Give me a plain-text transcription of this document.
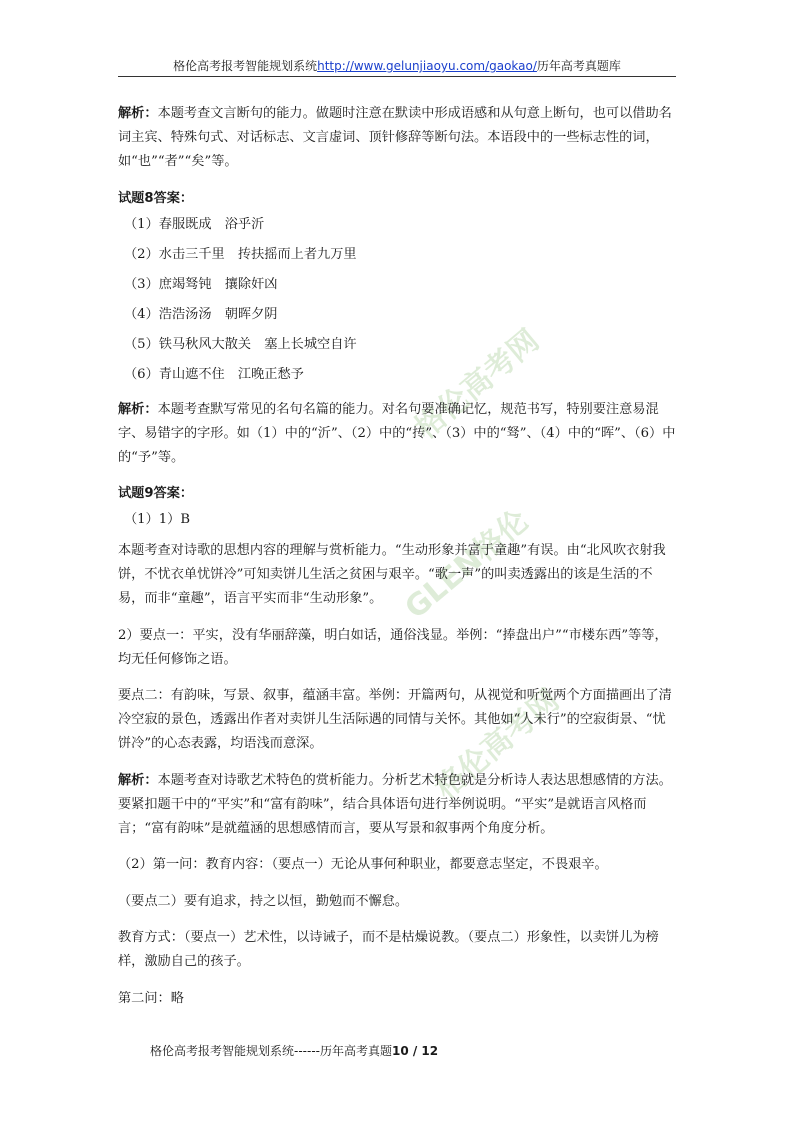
格伦高考报考智能规划系统http://www.gelunjiaoyu.com/gaokao/历年高考真题库
格伦高考网
GLEN格伦
格伦高考网

解析：本题考查文言断句的能力。做题时注意在默读中形成语感和从句意上断句，也可以借助名词主宾、特殊句式、对话标志、文言虚词、顶针修辞等断句法。本语段中的一些标志性的词，如“也”“者”“矣”等。

试题8答案：
（1）春服既成　浴乎沂
（2）水击三千里　抟扶摇而上者九万里
（3）庶竭驽钝　攘除奸凶
（4）浩浩汤汤　朝晖夕阴
（5）铁马秋风大散关　塞上长城空自许
（6）青山遮不住　江晚正愁予

解析：本题考查默写常见的名句名篇的能力。对名句要准确记忆，规范书写，特别要注意易混字、易错字的字形。如（1）中的“沂”、（2）中的“抟”、（3）中的“驽”、（4）中的“晖”、（6）中的“予”等。

试题9答案：

（1）1）B

本题考查对诗歌的思想内容的理解与赏析能力。“生动形象并富于童趣”有误。由“北风吹衣射我饼，不忧衣单忧饼冷”可知卖饼儿生活之贫困与艰辛。“歌一声”的叫卖透露出的该是生活的不易，而非“童趣”，语言平实而非“生动形象”。

2）要点一：平实，没有华丽辞藻，明白如话，通俗浅显。举例：“捧盘出户”“市楼东西”等等，均无任何修饰之语。

要点二：有韵味，写景、叙事，蕴涵丰富。举例：开篇两句，从视觉和听觉两个方面描画出了清冷空寂的景色，透露出作者对卖饼儿生活际遇的同情与关怀。其他如“人未行”的空寂街景、“忧饼冷”的心态表露，均语浅而意深。

解析：本题考查对诗歌艺术特色的赏析能力。分析艺术特色就是分析诗人表达思想感情的方法。要紧扣题干中的“平实”和“富有韵味”，结合具体语句进行举例说明。“平实”是就语言风格而言；“富有韵味”是就蕴涵的思想感情而言，要从写景和叙事两个角度分析。

（2）第一问：教育内容：（要点一）无论从事何种职业，都要意志坚定，不畏艰辛。

（要点二）要有追求，持之以恒，勤勉而不懈怠。

教育方式：（要点一）艺术性，以诗诫子，而不是枯燥说教。（要点二）形象性，以卖饼儿为榜样，激励自己的孩子。

第二问：略

格伦高考报考智能规划系统------历年高考真题10 / 12
